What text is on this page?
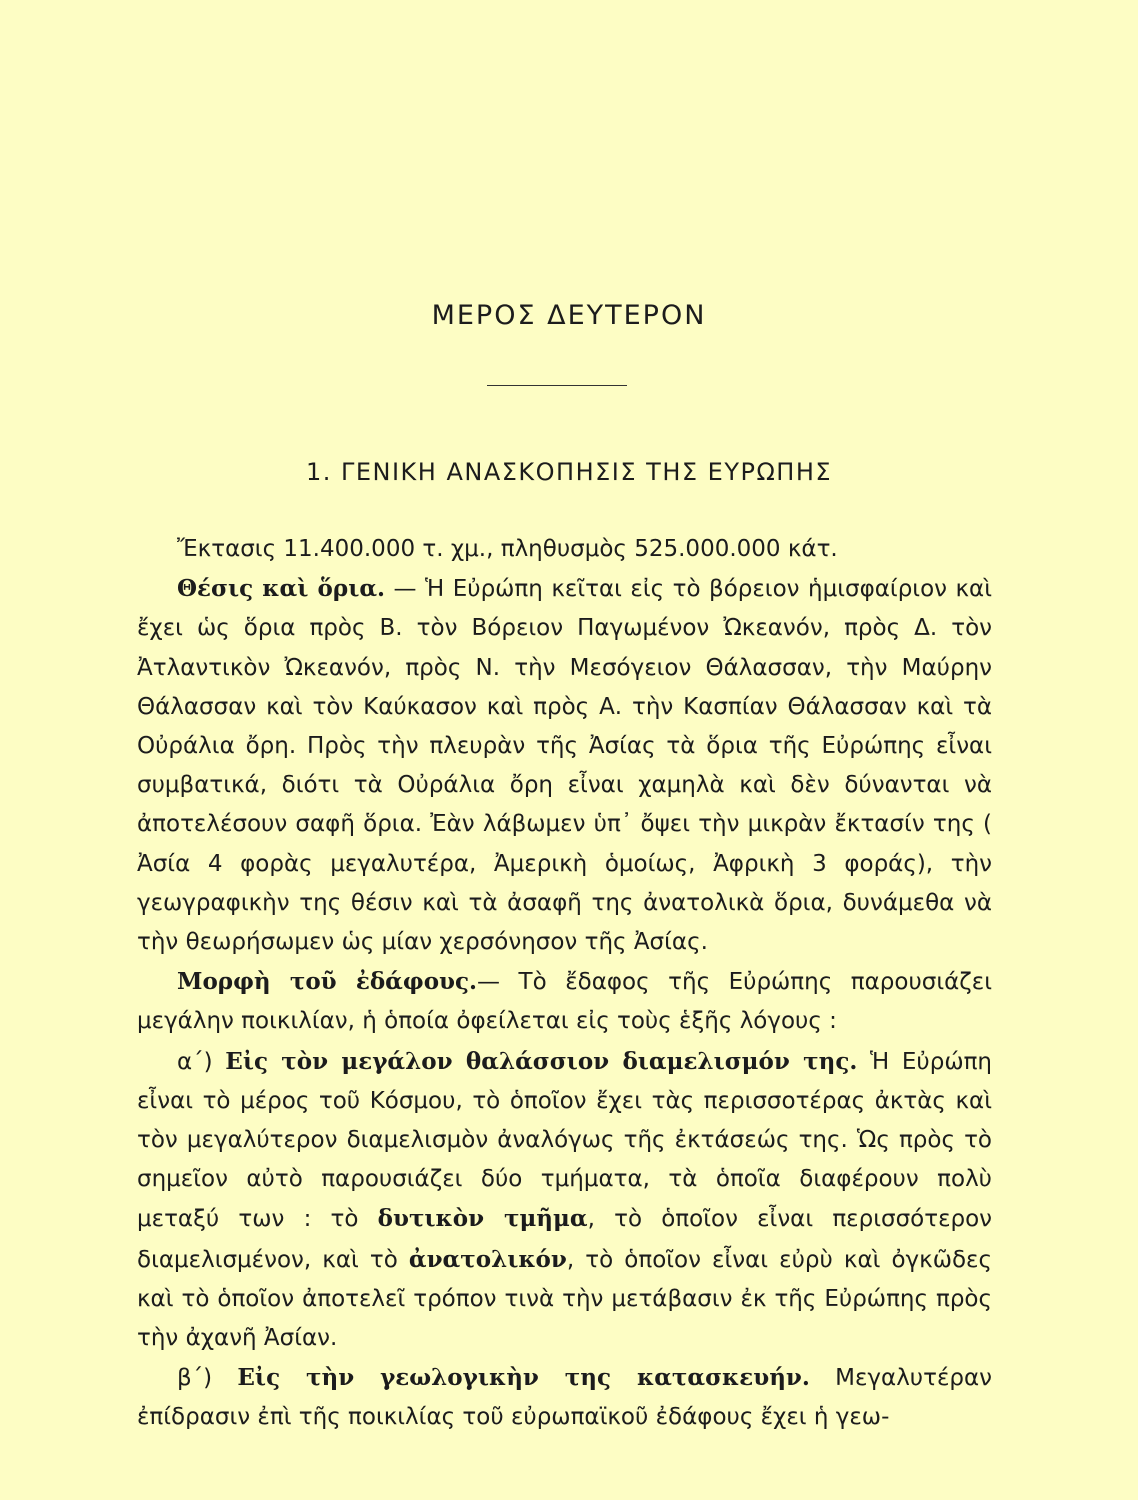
ΜΕΡΟΣ ΔΕΥΤΕΡΟΝ
1. ΓΕΝΙΚΗ ΑΝΑΣΚΟΠΗΣΙΣ ΤΗΣ ΕΥΡΩΠΗΣ

Ἔκτασις 11.400.000 τ. χμ., πληθυσμὸς 525.000.000 κάτ.

Θέσις καὶ ὅρια. — Ἡ Εὐρώπη κεῖται εἰς τὸ βόρειον ἡμισφαίριον καὶ ἔχει ὡς ὅρια πρὸς Β. τὸν Βόρειον Παγωμένον Ὠκεανόν, πρὸς Δ. τὸν Ἀτλαντικὸν Ὠκεανόν, πρὸς Ν. τὴν Μεσόγειον Θάλασσαν, τὴν Μαύρην Θάλασσαν καὶ τὸν Καύκασον καὶ πρὸς Α. τὴν Κασπίαν Θάλασσαν καὶ τὰ Οὐράλια ὄρη. Πρὸς τὴν πλευρὰν τῆς Ἀσίας τὰ ὅρια τῆς Εὐρώπης εἶναι συμβατικά, διότι τὰ Οὐράλια ὄρη εἶναι χαμηλὰ καὶ δὲν δύνανται νὰ ἀποτελέσουν σαφῆ ὅρια. Ἐὰν λάβωμεν ὑπ᾿ ὄψει τὴν μικρὰν ἔκτασίν της ( Ἀσία 4 φορὰς μεγαλυτέρα, Ἀμερικὴ ὁμοίως, Ἀφρικὴ 3 φοράς), τὴν γεωγραφικὴν της θέσιν καὶ τὰ ἀσαφῆ της ἀνατολικὰ ὅρια, δυνάμεθα νὰ τὴν θεωρήσωμεν ὡς μίαν χερσόνησον τῆς Ἀσίας.

Μορφὴ τοῦ ἐδάφους.— Τὸ ἔδαφος τῆς Εὐρώπης παρουσιάζει μεγάλην ποικιλίαν, ἡ ὁποία ὀφείλεται εἰς τοὺς ἑξῆς λόγους :

α΄) Εἰς τὸν μεγάλον θαλάσσιον διαμελισμόν της. Ἡ Εὐρώπη εἶναι τὸ μέρος τοῦ Κόσμου, τὸ ὁποῖον ἔχει τὰς περισσοτέρας ἀκτὰς καὶ τὸν μεγαλύτερον διαμελισμὸν ἀναλόγως τῆς ἐκτάσεώς της. Ὡς πρὸς τὸ σημεῖον αὐτὸ παρουσιάζει δύο τμήματα, τὰ ὁποῖα διαφέρουν πολὺ μεταξύ των : τὸ δυτικὸν τμῆμα, τὸ ὁποῖον εἶναι περισσότερον διαμελισμένον, καὶ τὸ ἀνατολικόν, τὸ ὁποῖον εἶναι εὐρὺ καὶ ὀγκῶδες καὶ τὸ ὁποῖον ἀποτελεῖ τρόπον τινὰ τὴν μετάβασιν ἐκ τῆς Εὐρώπης πρὸς τὴν ἀχανῆ Ἀσίαν.

β΄) Εἰς τὴν γεωλογικὴν της κατασκευήν. Μεγαλυτέραν ἐπίδρασιν ἐπὶ τῆς ποικιλίας τοῦ εὐρωπαϊκοῦ ἐδάφους ἔχει ἡ γεω-
